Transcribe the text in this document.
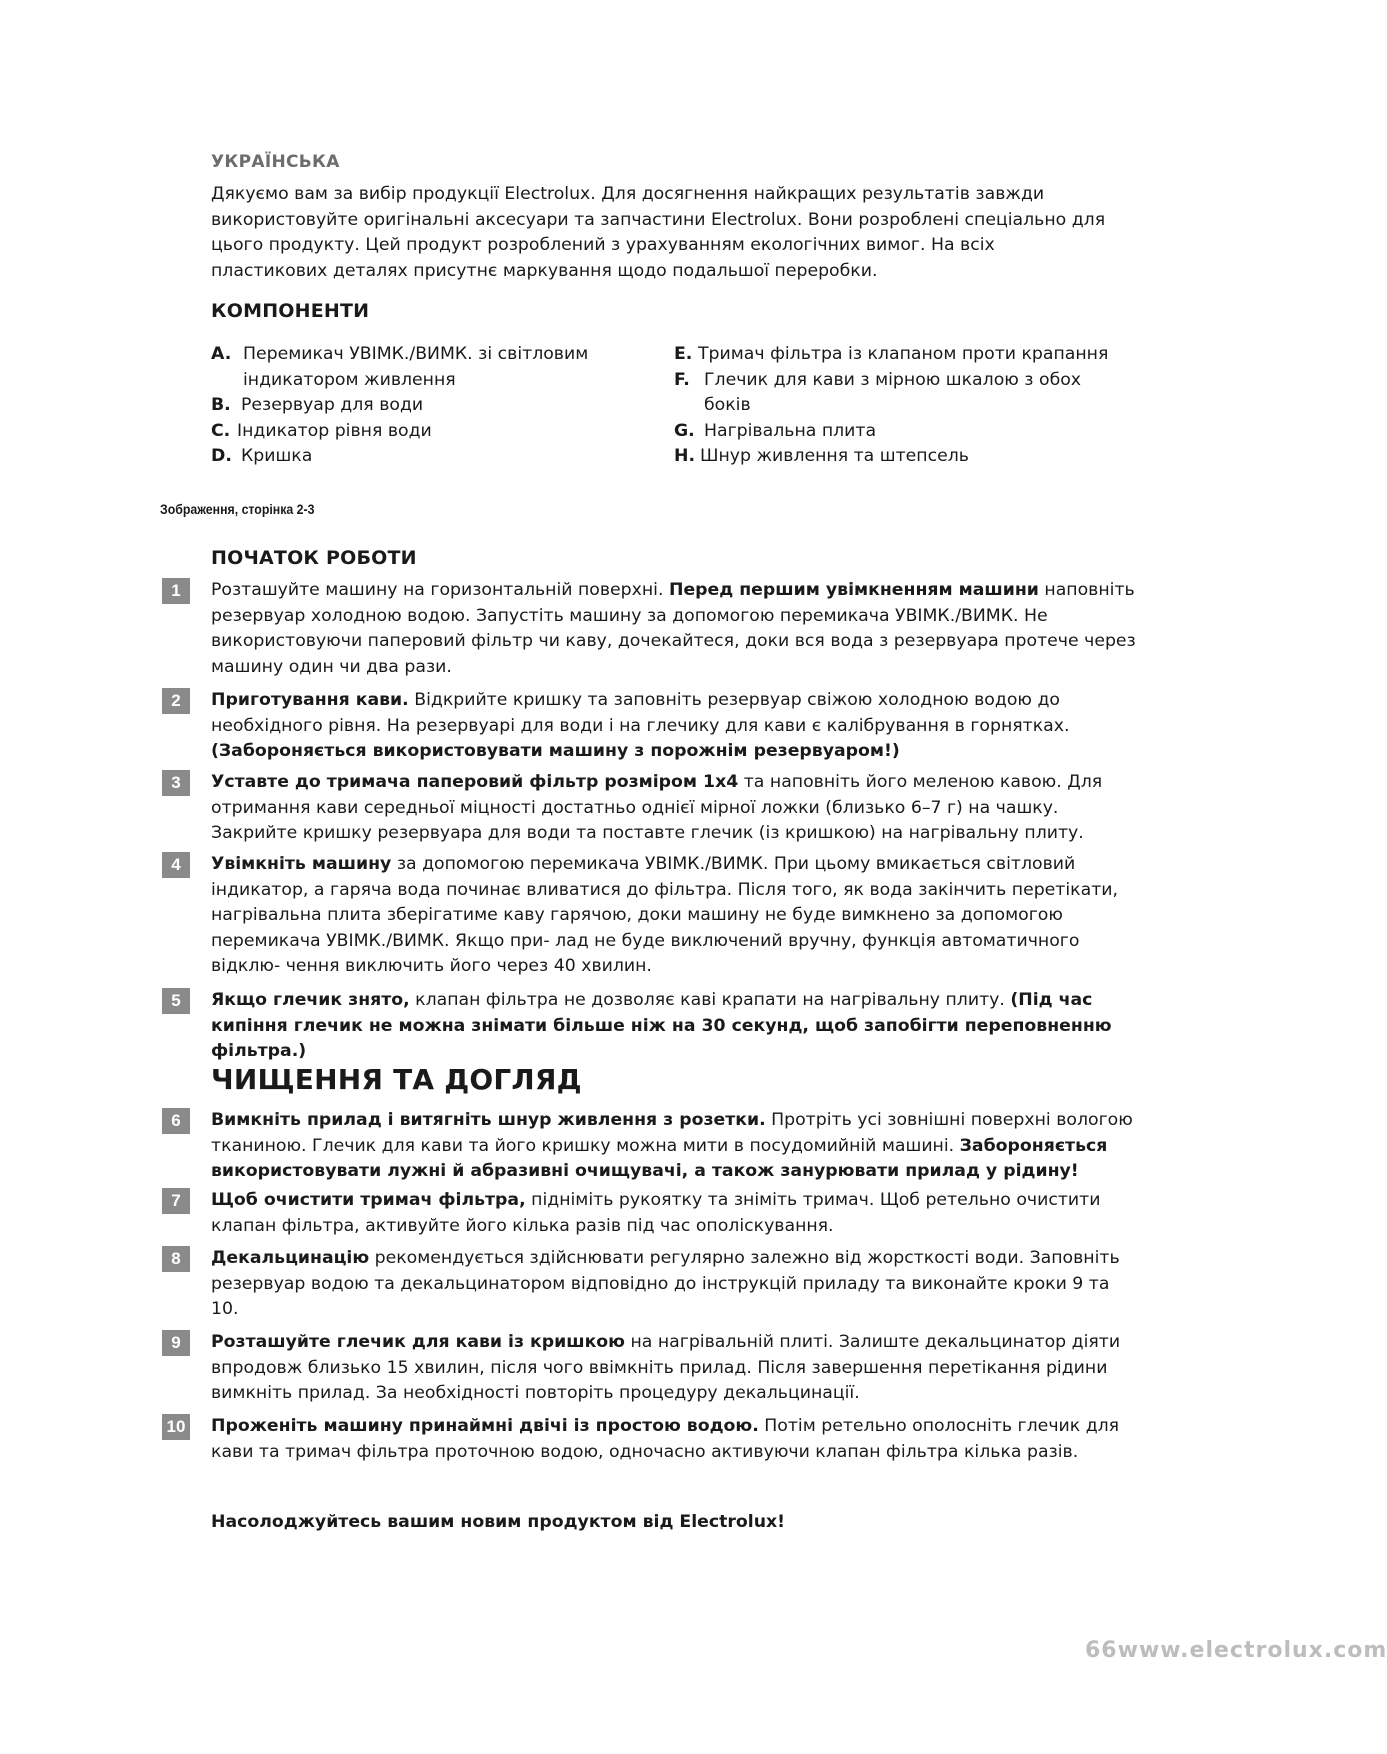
УКРАЇНСЬКА
Дякуємо вам за вибір продукції Electrolux. Для досягнення найкращих результатів завжди використовуйте оригінальні аксесуари та запчастини Electrolux. Вони розроблені спеціально для цього продукту. Цей продукт розроблений з урахуванням екологічних вимог. На всіх пластикових деталях присутнє маркування щодо подальшої переробки.
КОМПОНЕНТИ
A. Перемикач УВІМК./ВИМК. зі світловим
індикатором живлення
B. Резервуар для води
C. Індикатор рівня води
D. Кришка
E. Тримач фільтра із клапаном проти крапання
F. Глечик для кави з мірною шкалою з обох
боків
G. Нагрівальна плита
H. Шнур живлення та штепсель
Зображення, сторінка 2-3
ПОЧАТОК РОБОТИ
1	Розташуйте машину на горизонтальній поверхні. Перед першим увімкненням машини наповніть резервуар холодною водою. Запустіть машину за допомогою перемикача УВІМК./ВИМК. Не використовуючи паперовий фільтр чи каву, дочекайтеся, доки вся вода з резервуара протече через машину один чи два рази.
2	Приготування кави. Відкрийте кришку та заповніть резервуар свіжою холодною водою до необхідного рівня. На резервуарі для води і на глечику для кави є калібрування в горнятках. (Забороняється використовувати машину з порожнім резервуаром!)
3	Уставте до тримача паперовий фільтр розміром 1x4 та наповніть його меленою кавою. Для отримання кави середньої міцності достатньо однієї мірної ложки (близько 6–7 г) на чашку. Закрийте кришку резервуара для води та поставте глечик (із кришкою) на нагрівальну плиту.
4	Увімкніть машину за допомогою перемикача УВІМК./ВИМК. При цьому вмикається світловий індикатор, а гаряча вода починає вливатися до фільтра. Після того, як вода закінчить перетікати, нагрівальна плита зберігатиме каву гарячою, доки машину не буде вимкнено за допомогою перемикача УВІМК./ВИМК. Якщо при- лад не буде виключений вручну, функція автоматичного відклю- чення виключить його через 40 хвилин.
5	Якщо глечик знято, клапан фільтра не дозволяє каві крапати на нагрівальну плиту. (Під час кипіння глечик не можна знімати більше ніж на 30 секунд, щоб запобігти переповненню фільтра.)
ЧИЩЕННЯ ТА ДОГЛЯД
6	Вимкніть прилад і витягніть шнур живлення з розетки. Протріть усі зовнішні поверхні вологою тканиною. Глечик для кави та його кришку можна мити в посудомийній машині. Забороняється використовувати лужні й абразивні очищувачі, а також занурювати прилад у рідину!
7	Щоб очистити тримач фільтра, підніміть рукоятку та зніміть тримач. Щоб ретельно очистити клапан фільтра, активуйте його кілька разів під час ополіскування.
8	Декальцинацію рекомендується здійснювати регулярно залежно від жорсткості води. Заповніть резервуар водою та декальцинатором відповідно до інструкцій приладу та виконайте кроки 9 та 10.
9	Розташуйте глечик для кави із кришкою на нагрівальній плиті. Залиште декальцинатор діяти впродовж близько 15 хвилин, після чого ввімкніть прилад. Після завершення перетікання рідини вимкніть прилад. За необхідності повторіть процедуру декальцинації.
10 Проженіть машину принаймні двічі із простою водою. Потім ретельно ополосніть глечик для кави та тримач фільтра проточною водою, одночасно активуючи клапан фільтра кілька разів.
Насолоджуйтесь вашим новим продуктом від Electrolux!
66www.electrolux.com
